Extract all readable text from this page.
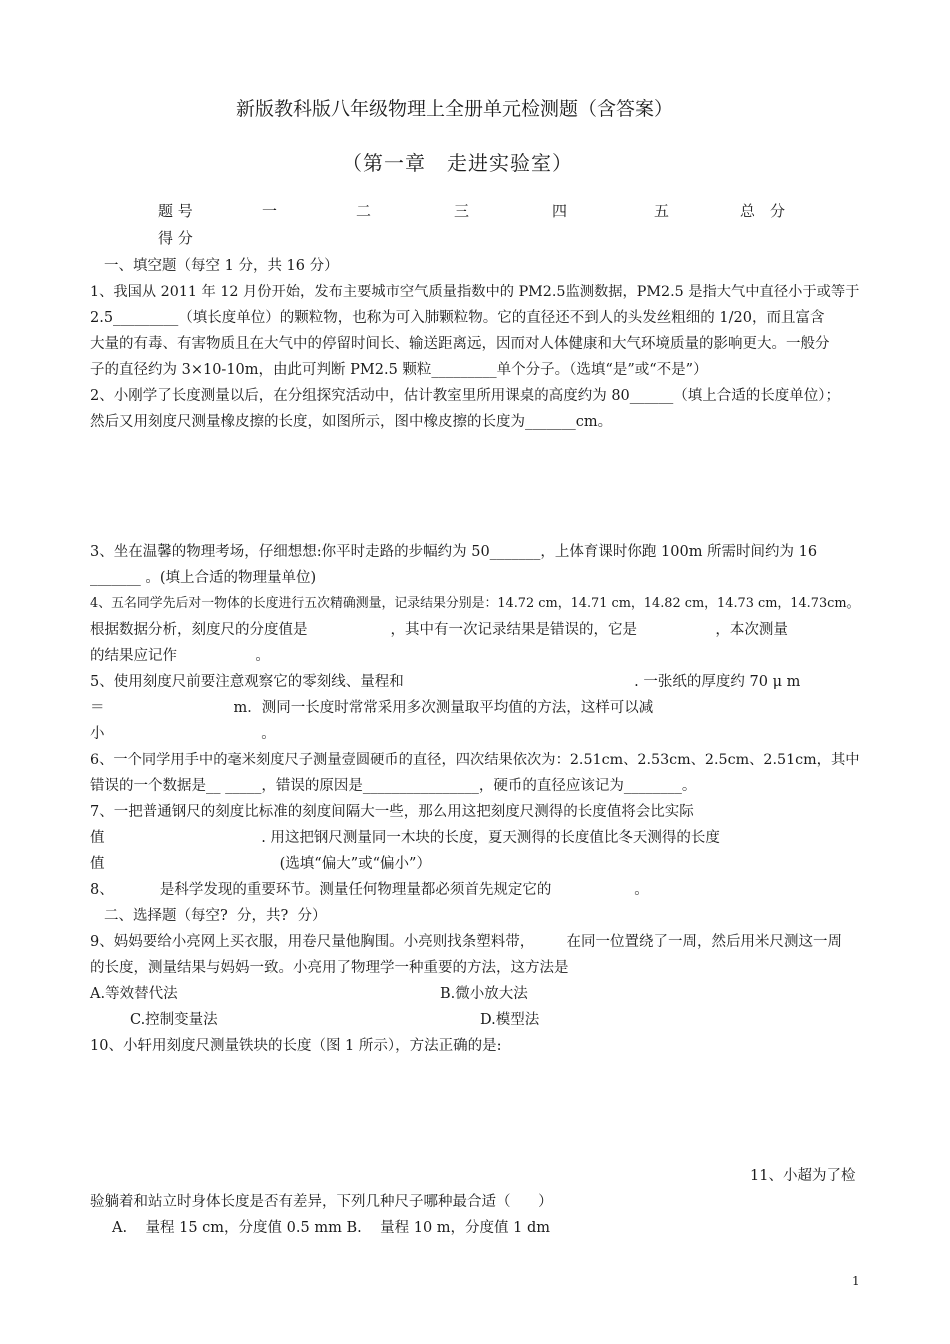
新版教科版八年级物理上全册单元检测题（含答案）
（第一章　走进实验室）
题 号	一	二	三	四	五	总　分
得 分
一、填空题（每空 1 分，共 16 分）
1、我国从 2011 年 12 月份开始，发布主要城市空气质量指数中的 PM2.5监测数据，PM2.5 是指大气中直径小于或等于
2.5_________（填长度单位）的颗粒物，也称为可入肺颗粒物。它的直径还不到人的头发丝粗细的 1/20，而且富含
大量的有毒、有害物质且在大气中的停留时间长、输送距离远，因而对人体健康和大气环境质量的影响更大。一般分
子的直径约为 3×10-10m，由此可判断 PM2.5 颗粒_________单个分子。（选填“是”或“不是”）
2、小刚学了长度测量以后，在分组探究活动中，估计教室里所用课桌的高度约为 80______（填上合适的长度单位）；
然后又用刻度尺测量橡皮擦的长度，如图所示，图中橡皮擦的长度为_______cm。
3、坐在温馨的物理考场，仔细想想:你平时走路的步幅约为 50_______，上体育课时你跑 100m 所需时间约为 16
_______ 。(填上合适的物理量单位)
4、五名同学先后对一物体的长度进行五次精确测量，记录结果分别是：14.72 cm，14.71 cm，14.82 cm，14.73 cm，14.73cm。
根据数据分析，刻度尺的分度值是                  ，其中有一次记录结果是错误的，它是                 ，本次测量
的结果应记作                 。
5、使用刻度尺前要注意观察它的零刻线、量程和                                                  . 一张纸的厚度约 70 μ m
＝                            m．测同一长度时常常采用多次测量取平均值的方法，这样可以减
小                                  。
6、一个同学用手中的毫米刻度尺子测量壹圆硬币的直径，四次结果依次为：2.51cm、2.53cm、2.5cm、2.51cm，其中
错误的一个数据是__ _____，错误的原因是________________，硬币的直径应该记为________。
7、一把普通钢尺的刻度比标准的刻度间隔大一些，那么用这把刻度尺测得的长度值将会比实际
值                                  . 用这把钢尺测量同一木块的长度，夏天测得的长度值比冬天测得的长度
值                                      (选填“偏大”或“偏小”）
8、          是科学发现的重要环节。测量任何物理量都必须首先规定它的                  。
二、选择题（每空?  分，共?  分）
9、妈妈要给小亮网上买衣服，用卷尺量他胸围。小亮则找条塑料带，       在同一位置绕了一周，然后用米尺测这一周
的长度，测量结果与妈妈一致。小亮用了物理学一种重要的方法，这方法是
A.等效替代法	B.微小放大法
C.控制变量法	D.模型法
10、小轩用刻度尺测量铁块的长度（图 1 所示），方法正确的是:
11、小超为了检
验躺着和站立时身体长度是否有差异，下列几种尺子哪种最合适（      ）
A.    量程 15 cm，分度值 0.5 mm B.    量程 10 m，分度值 1 dm
1
